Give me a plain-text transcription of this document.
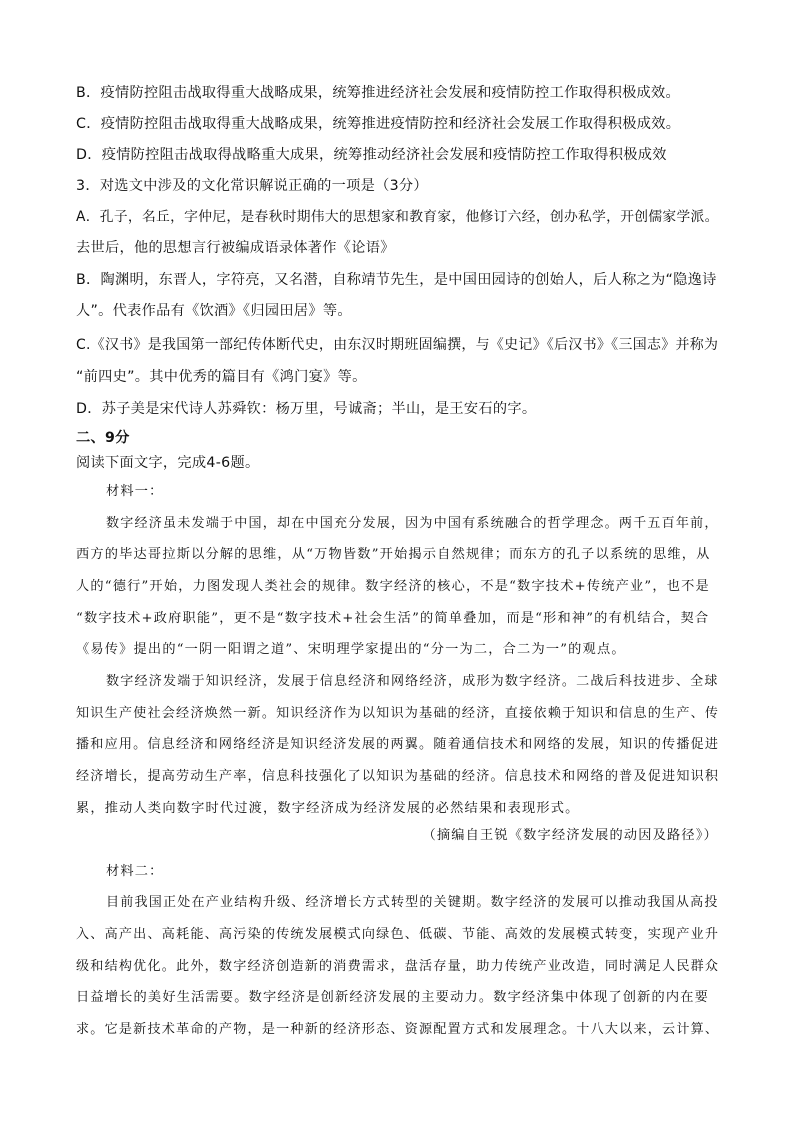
B．疫情防控阻击战取得重大战略成果，统筹推进经济社会发展和疫情防控工作取得积极成效。
C．疫情防控阻击战取得重大战略成果，统筹推进疫情防控和经济社会发展工作取得积极成效。
D．疫情防控阻击战取得战略重大成果，统筹推动经济社会发展和疫情防控工作取得积极成效
3．对选文中涉及的文化常识解说正确的一项是（3分）
A．孔子，名丘，字仲尼，是春秋时期伟大的思想家和教育家，他修订六经，创办私学，开创儒家学派。
去世后，他的思想言行被编成语录体著作《论语》
B．陶渊明，东晋人，字符亮，又名潜，自称靖节先生，是中国田园诗的创始人，后人称之为“隐逸诗
人”。代表作品有《饮酒》《归园田居》等。
C.《汉书》是我国第一部纪传体断代史，由东汉时期班固编撰，与《史记》《后汉书》《三国志》并称为
“前四史”。其中优秀的篇目有《鸿门宴》等。
D．苏子美是宋代诗人苏舜钦：杨万里，号诚斋；半山，是王安石的字。
二、9分
阅读下面文字，完成4-6题。
材料一：
数字经济虽未发端于中国，却在中国充分发展，因为中国有系统融合的哲学理念。两千五百年前，
西方的毕达哥拉斯以分解的思维，从“万物皆数”开始揭示自然规律；而东方的孔子以系统的思维，从
人的“德行”开始，力图发现人类社会的规律。数字经济的核心，不是“数字技术+传统产业”，也不是
“数字技术+政府职能”，更不是“数字技术+社会生活”的简单叠加，而是“形和神”的有机结合，契合
《易传》提出的“一阴一阳谓之道”、宋明理学家提出的“分一为二，合二为一”的观点。
数字经济发端于知识经济，发展于信息经济和网络经济，成形为数字经济。二战后科技进步、全球
知识生产使社会经济焕然一新。知识经济作为以知识为基础的经济，直接依赖于知识和信息的生产、传
播和应用。信息经济和网络经济是知识经济发展的两翼。随着通信技术和网络的发展，知识的传播促进
经济增长，提高劳动生产率，信息科技强化了以知识为基础的经济。信息技术和网络的普及促进知识积
累，推动人类向数字时代过渡，数字经济成为经济发展的必然结果和表现形式。
（摘编自王锐《数字经济发展的动因及路径》）
材料二：
目前我国正处在产业结构升级、经济增长方式转型的关键期。数字经济的发展可以推动我国从高投
入、高产出、高耗能、高污染的传统发展模式向绿色、低碳、节能、高效的发展模式转变，实现产业升
级和结构优化。此外，数字经济创造新的消费需求，盘活存量，助力传统产业改造，同时满足人民群众
日益增长的美好生活需要。数字经济是创新经济发展的主要动力。数字经济集中体现了创新的内在要
求。它是新技术革命的产物，是一种新的经济形态、资源配置方式和发展理念。十八大以来，云计算、
